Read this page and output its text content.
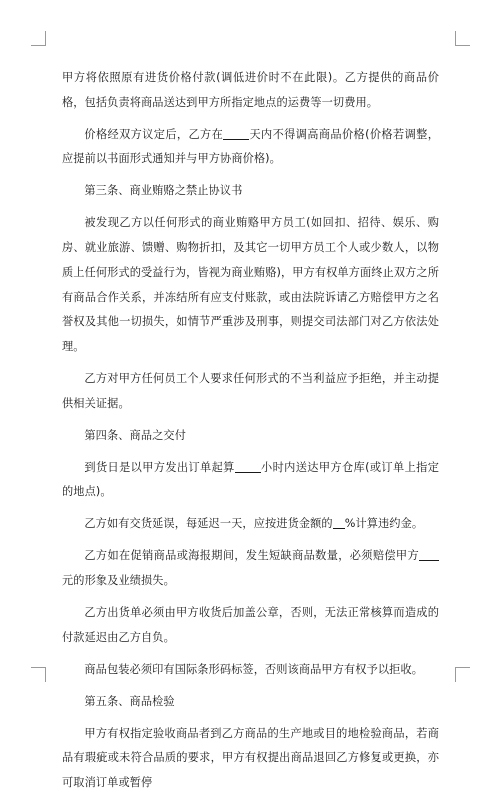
甲方将依照原有进货价格付款(调低进价时不在此限)。乙方提供的商品价格，包括负责将商品送达到甲方所指定地点的运费等一切费用。

价格经双方议定后，乙方在 天内不得调高商品价格(价格若调整，应提前以书面形式通知并与甲方协商价格)。

第三条、商业贿赂之禁止协议书

被发现乙方以任何形式的商业贿赂甲方员工(如回扣、招待、娱乐、购房、就业旅游、馈赠、购物折扣，及其它一切甲方员工个人或少数人，以物质上任何形式的受益行为，皆视为商业贿赂)，甲方有权单方面终止双方之所有商品合作关系，并冻结所有应支付账款，或由法院诉请乙方赔偿甲方之名誉权及其他一切损失，如情节严重涉及刑事，则提交司法部门对乙方依法处理。

乙方对甲方任何员工个人要求任何形式的不当利益应予拒绝，并主动提供相关证据。

第四条、商品之交付

到货日是以甲方发出订单起算 小时内送达甲方仓库(或订单上指定的地点)。

乙方如有交货延误，每延迟一天，应按进货金额的 %计算违约金。

乙方如在促销商品或海报期间，发生短缺商品数量，必须赔偿甲方元的形象及业绩损失。

乙方出货单必须由甲方收货后加盖公章，否则，无法正常核算而造成的付款延迟由乙方自负。

商品包装必须印有国际条形码标签，否则该商品甲方有权予以拒收。

第五条、商品检验

甲方有权指定验收商品者到乙方商品的生产地或目的地检验商品，若商品有瑕疵或未符合品质的要求，甲方有权提出商品退回乙方修复或更换，亦可取消订单或暂停
